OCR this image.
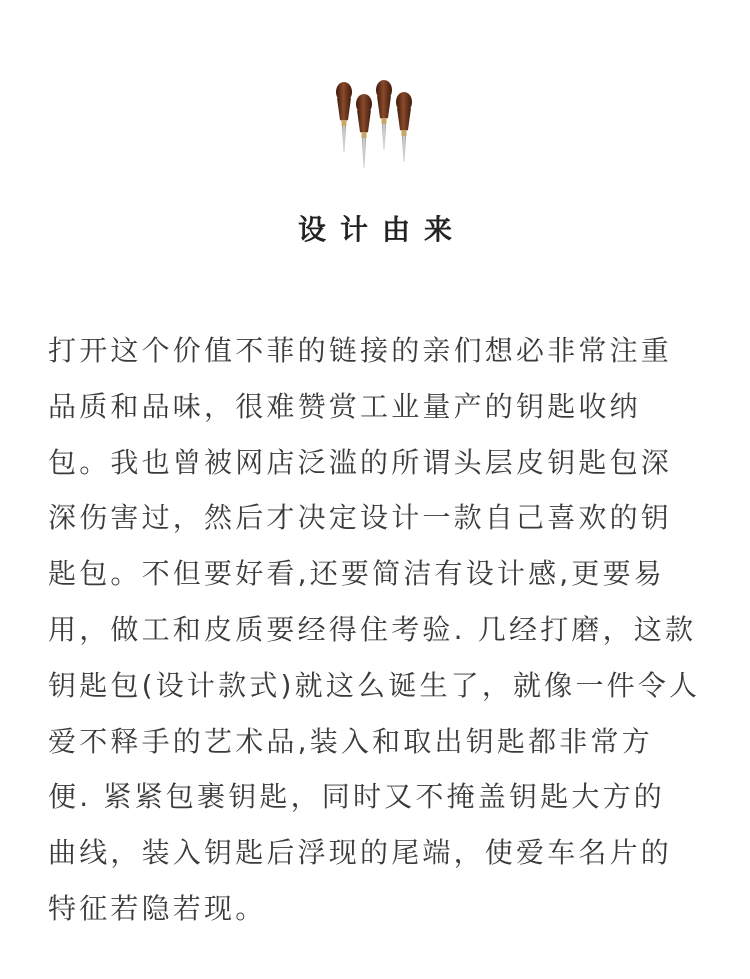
设计由来
打开这个价值不菲的链接的亲们想必非常注重
品质和品味，很难赞赏工业量产的钥匙收纳
包。我也曾被网店泛滥的所谓头层皮钥匙包深
深伤害过，然后才决定设计一款自己喜欢的钥
匙包。不但要好看,还要简洁有设计感,更要易
用，做工和皮质要经得住考验. 几经打磨，这款
钥匙包(设计款式)就这么诞生了，就像一件令人
爱不释手的艺术品,装入和取出钥匙都非常方
便. 紧紧包裹钥匙，同时又不掩盖钥匙大方的
曲线，装入钥匙后浮现的尾端，使爱车名片的
特征若隐若现。
